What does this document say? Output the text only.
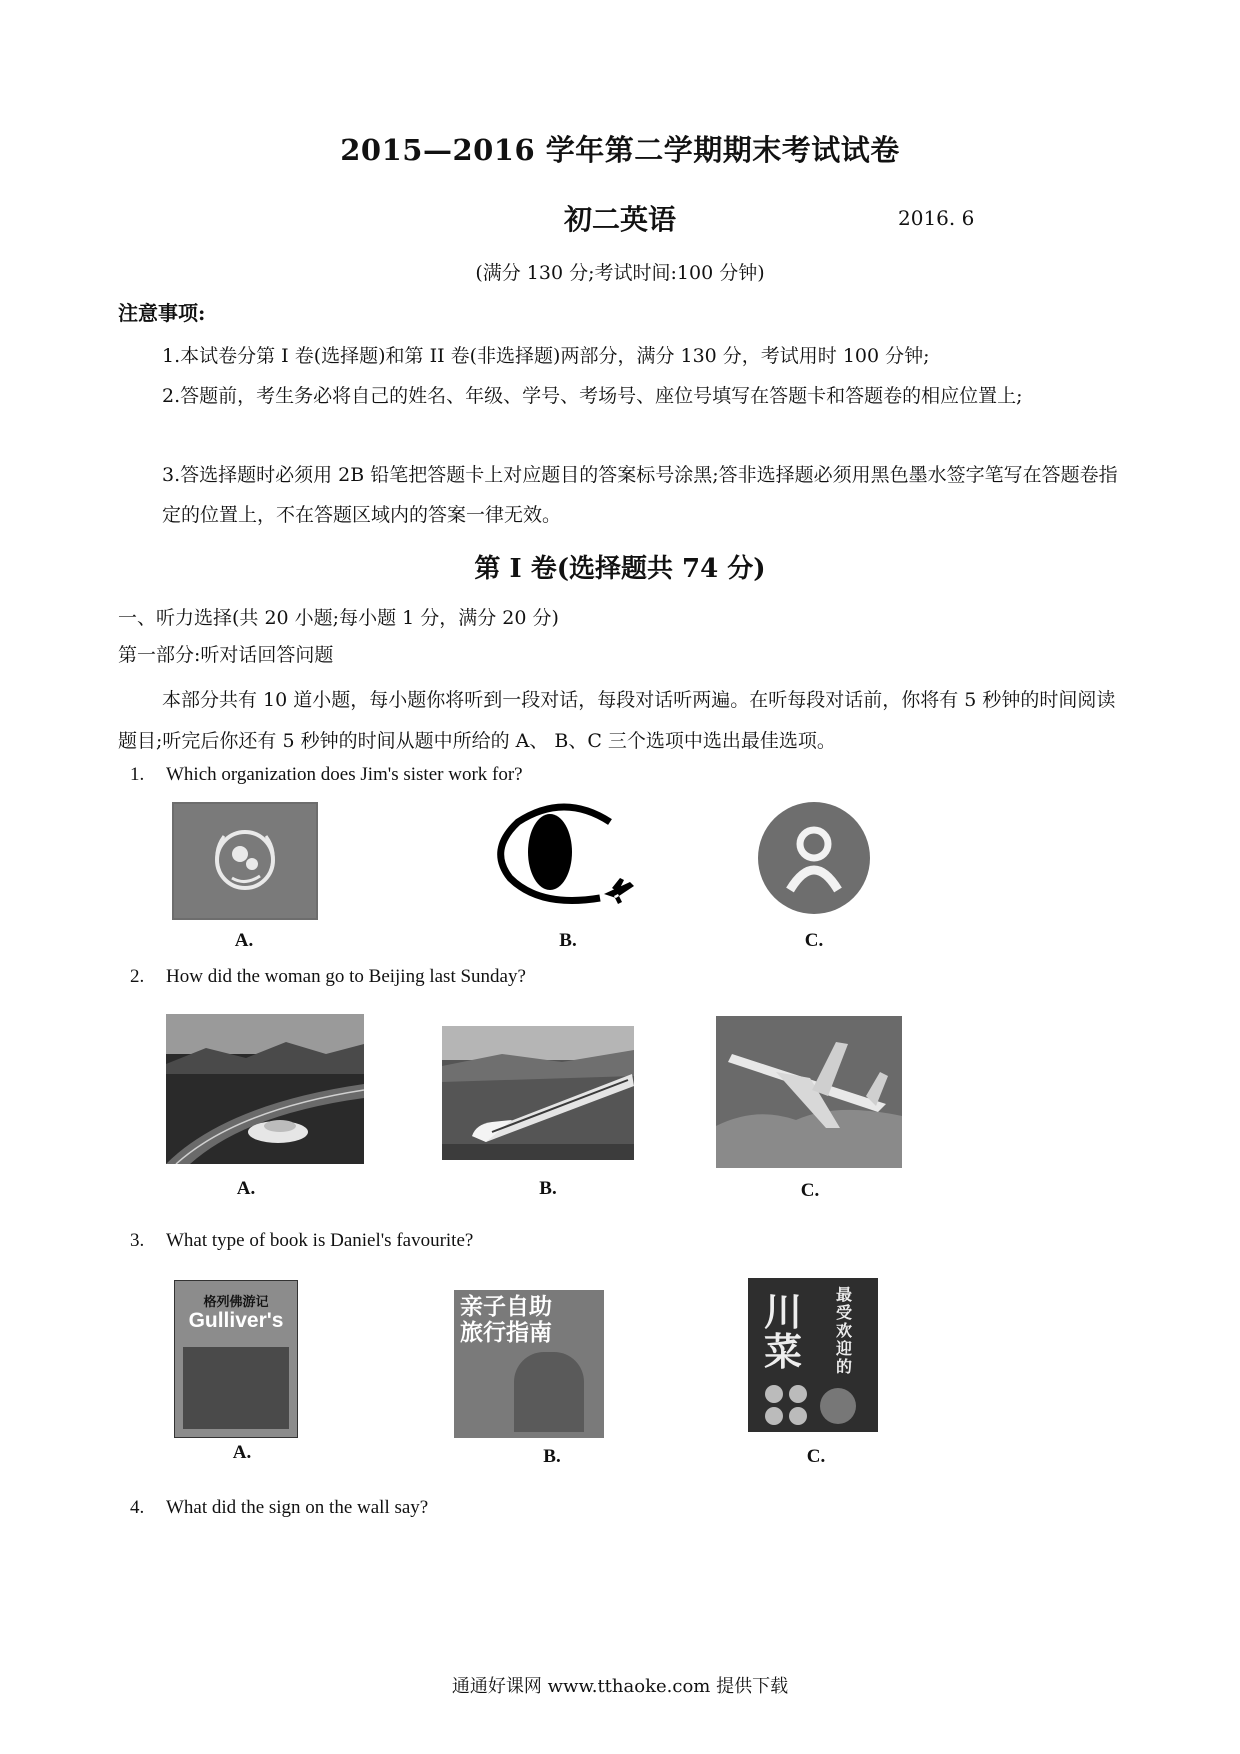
2015—2016 学年第二学期期末考试试卷
初二英语	2016. 6
(满分 130 分;考试时间:100 分钟)
注意事项:
1.本试卷分第 I 卷(选择题)和第 II 卷(非选择题)两部分，满分 130 分，考试用时 100 分钟;
2.答题前，考生务必将自己的姓名、年级、学号、考场号、座位号填写在答题卡和答题卷的相应位置上;
3.答选择题时必须用 2B 铅笔把答题卡上对应题目的答案标号涂黑;答非选择题必须用黑色墨水签字笔写在答题卷指定的位置上，不在答题区域内的答案一律无效。
第 I 卷(选择题共 74 分)
一、听力选择(共 20 小题;每小题 1 分，满分 20 分)
第一部分:听对话回答问题
本部分共有 10 道小题，每小题你将听到一段对话，每段对话听两遍。在听每段对话前，你将有 5 秒钟的时间阅读题目;听完后你还有 5 秒钟的时间从题中所给的 A、 B、C 三个选项中选出最佳选项。
1. Which organization does Jim's sister work for?
A.	B.	C.
2. How did the woman go to Beijing last Sunday?
A.	B.	C.
3. What type of book is Daniel's favourite?
格列佛游记
Gulliver's
亲子自助旅行指南	川菜
最受欢迎的
A.	B.	C.
4. What did the sign on the wall say?
通通好课网 www.tthaoke.com 提供下载
